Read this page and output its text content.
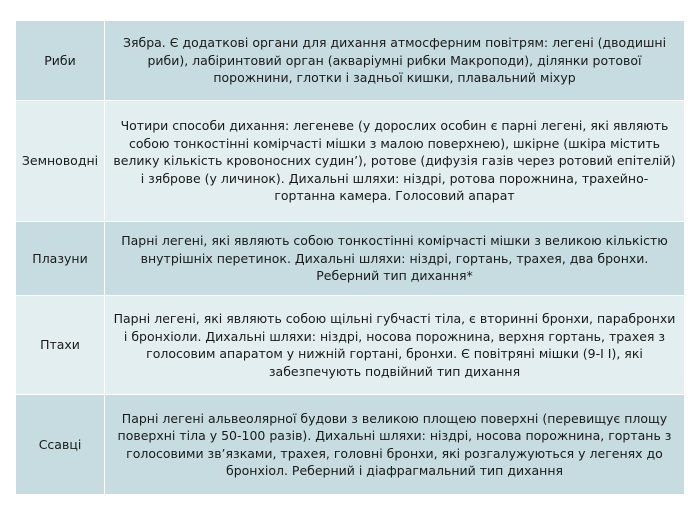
Риби	Зябра. Є додаткові органи для дихання атмосферним повітрям: легені (дводишні риби), лабіринтовий орган (акваріумні рибки Макроподи), ділянки ротової порожнини, глотки і задньої кишки, плавальний міхур
Земноводні	Чотири способи дихання: легеневе (у дорослих особин є парні легені, які являють собою тонкостінні комірчасті мішки з малою поверхнею), шкірне (шкіра містить велику кількість кровоносних судин’), ротове (дифузія газів через ротовий епітелій) і зяброве (у личинок). Дихальні шляхи: ніздрі, ротова порожнина, трахейно-гортанна камера. Голосовий апарат
Плазуни	Парні легені, які являють собою тонкостінні комірчасті мішки з великою кількістю внутрішніх перетинок. Дихальні шляхи: ніздрі, гортань, трахея, два бронхи. Реберний тип дихання*
Птахи	Парні легені, які являють собою щільні губчасті тіла, є вторинні бронхи, парабронхи і бронхіоли. Дихальні шляхи: ніздрі, носова порожнина, верхня гортань, трахея з голосовим апаратом у нижній гортані, бронхи. Є повітряні мішки (9-І І), які забезпечують подвійний тип дихання
Ссавці	Парні легені альвеолярної будови з великою площею поверхні (перевищує площу поверхні тіла у 50-100 разів). Дихальні шляхи: ніздрі, носова порожнина, гортань з голосовими зв’язками, трахея, головні бронхи, які розгалужуються у легенях до бронхіол. Реберний і діафрагмальний тип дихання
